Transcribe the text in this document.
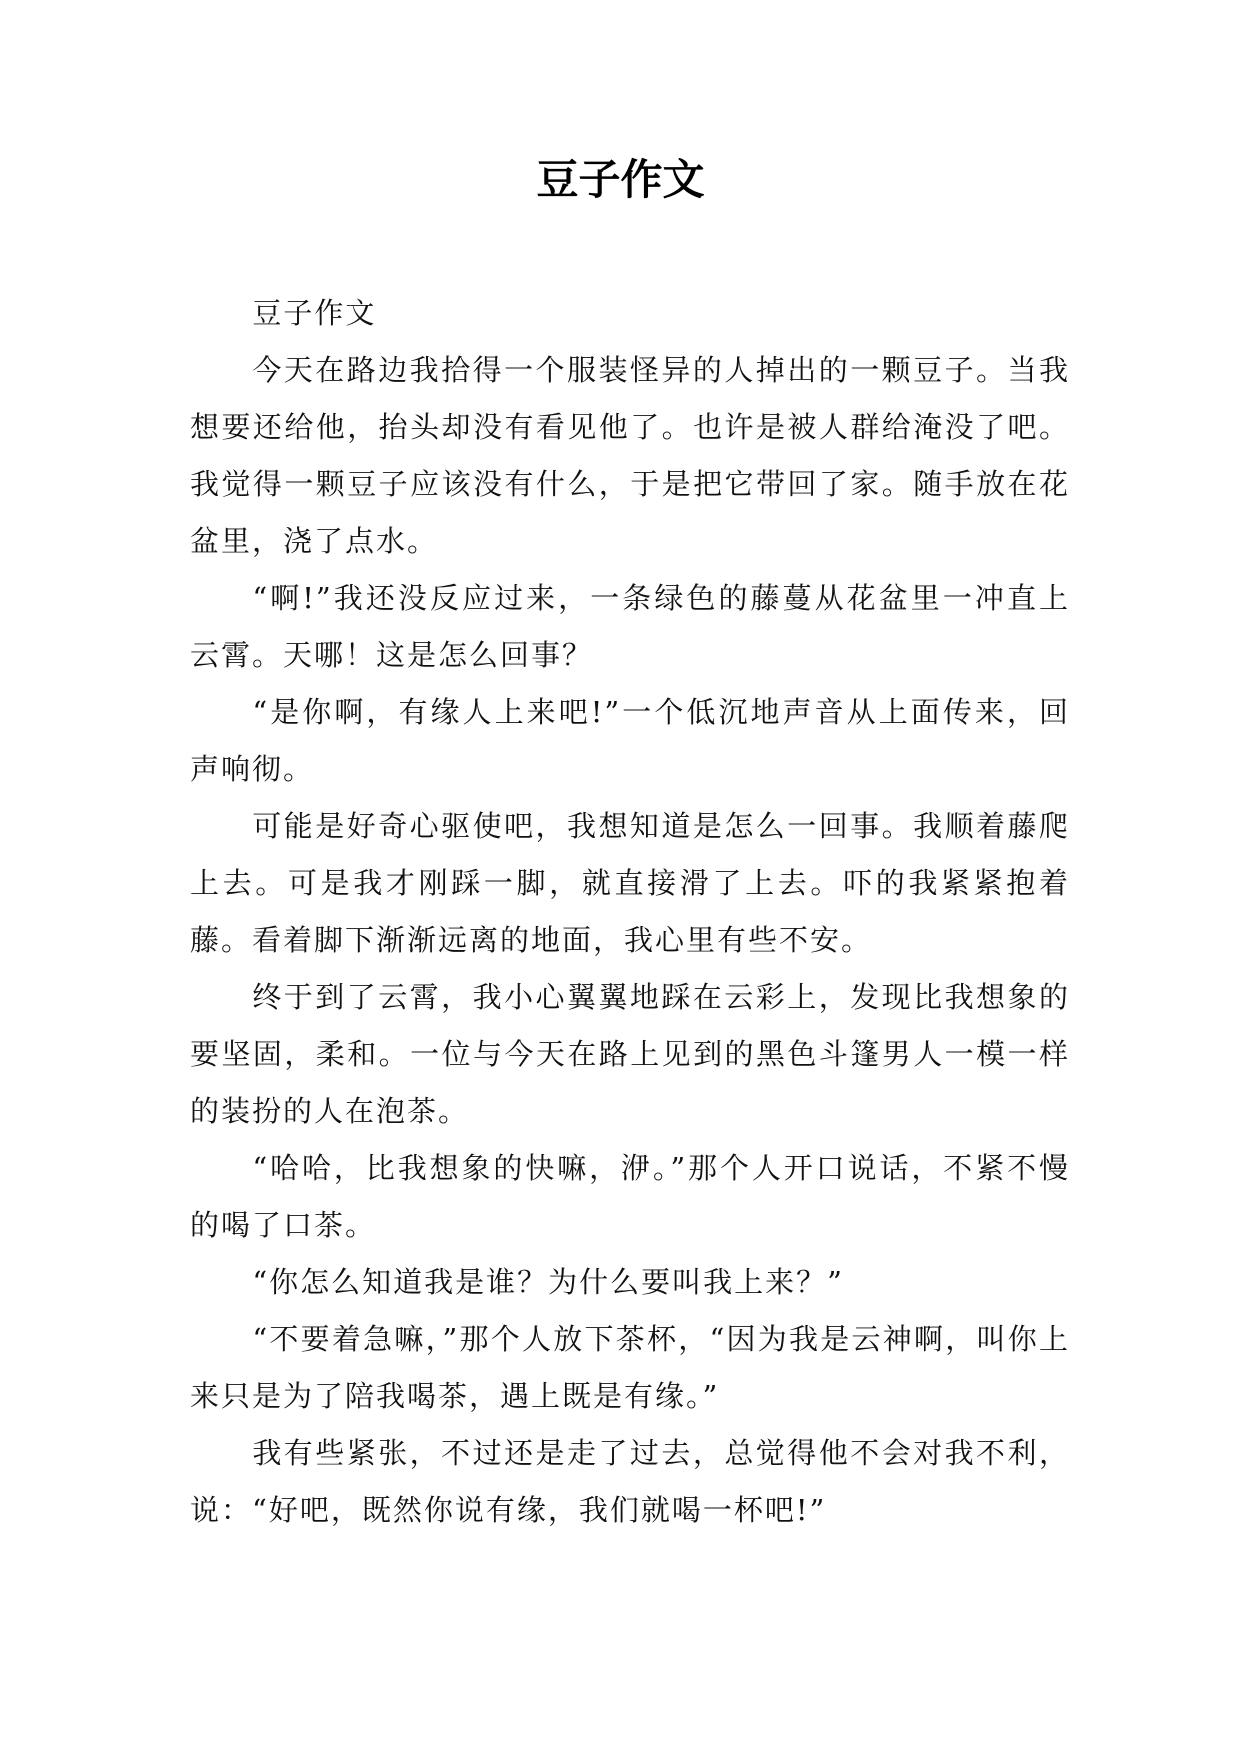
豆子作文

豆子作文

今天在路边我拾得一个服装怪异的人掉出的一颗豆子。当我想要还给他，抬头却没有看见他了。也许是被人群给淹没了吧。我觉得一颗豆子应该没有什么，于是把它带回了家。随手放在花盆里，浇了点水。

“啊!”我还没反应过来，一条绿色的藤蔓从花盆里一冲直上云霄。天哪！这是怎么回事？

“是你啊，有缘人上来吧!”一个低沉地声音从上面传来，回声响彻。

可能是好奇心驱使吧，我想知道是怎么一回事。我顺着藤爬上去。可是我才刚踩一脚，就直接滑了上去。吓的我紧紧抱着藤。看着脚下渐渐远离的地面，我心里有些不安。

终于到了云霄，我小心翼翼地踩在云彩上，发现比我想象的要坚固，柔和。一位与今天在路上见到的黑色斗篷男人一模一样的装扮的人在泡茶。

“哈哈，比我想象的快嘛，洢。”那个人开口说话，不紧不慢的喝了口茶。

“你怎么知道我是谁？为什么要叫我上来？”

“不要着急嘛，”那个人放下茶杯，“因为我是云神啊，叫你上来只是为了陪我喝茶，遇上既是有缘。”

我有些紧张，不过还是走了过去，总觉得他不会对我不利，说：“好吧，既然你说有缘，我们就喝一杯吧!”
